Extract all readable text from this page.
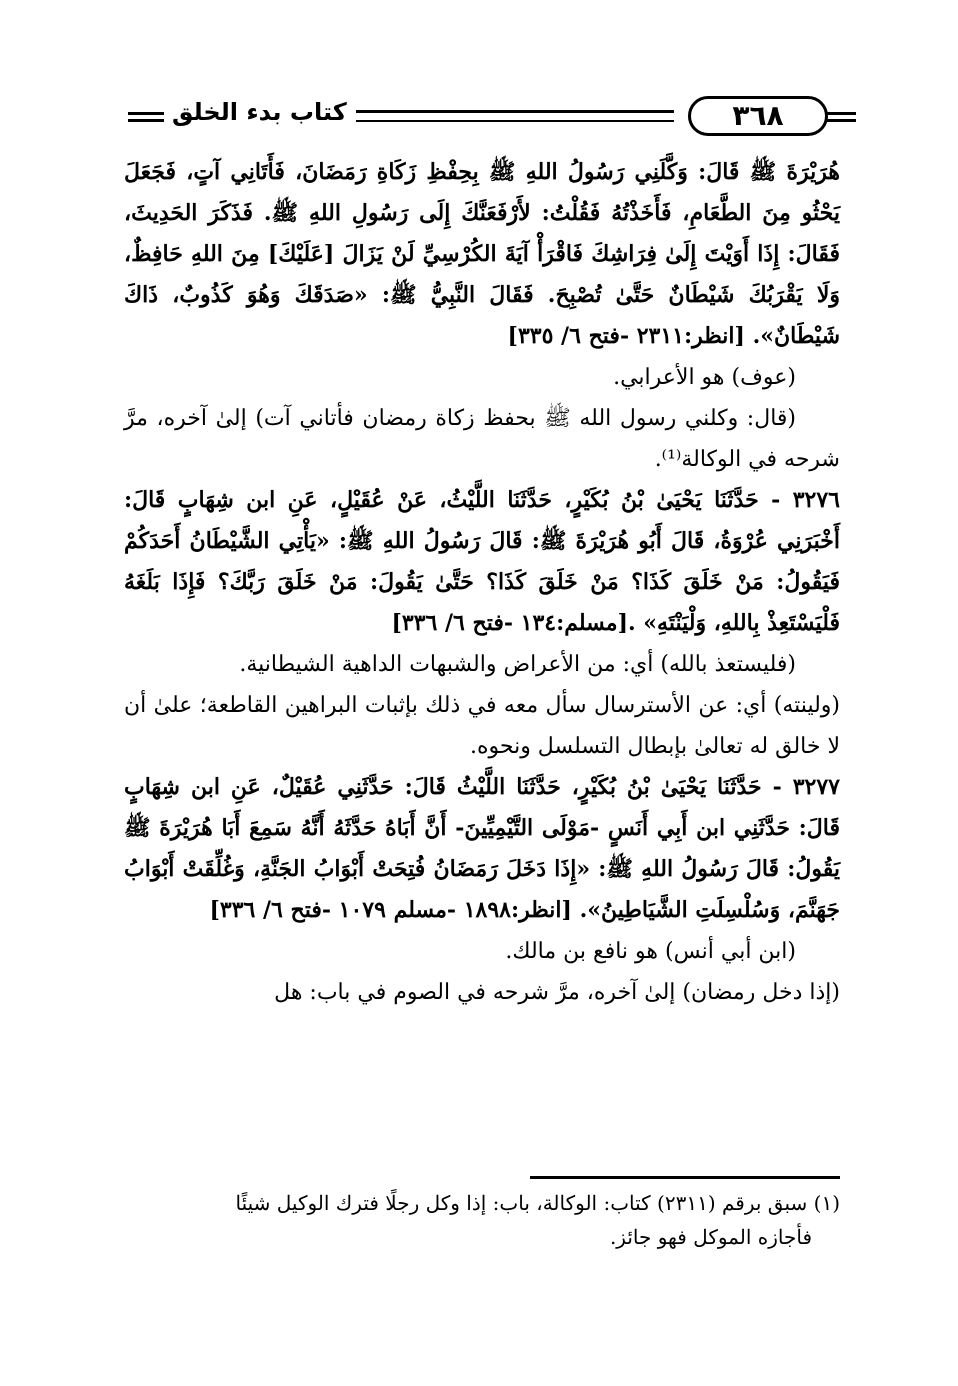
كتاب بدء الخلق	٣٦٨

هُرَيْرَةَ ﷺ قَالَ: وَكَّلَنِي رَسُولُ اللهِ ﷺ بِحِفْظِ زَكَاةِ رَمَضَانَ، فَأَتَانِي آتٍ، فَجَعَلَ يَحْثُو مِنَ الطَّعَامِ، فَأَخَذْتُهُ فَقُلْتُ: لأَرْفَعَنَّكَ إِلَى رَسُولِ اللهِ ﷺ. فَذَكَرَ الحَدِيثَ، فَقَالَ: إِذَا أَوَيْتَ إِلَىٰ فِرَاشِكَ فَاقْرَأْ آيَةَ الكُرْسِيِّ لَنْ يَزَالَ [عَلَيْكَ] مِنَ اللهِ حَافِظٌ، وَلَا يَقْرَبُكَ شَيْطَانٌ حَتَّىٰ تُصْبِحَ. فَقَالَ النَّبِيُّ ﷺ: «صَدَقَكَ وَهُوَ كَذُوبٌ، ذَاكَ شَيْطَانٌ». [انظر:٢٣١١ -فتح ٦/ ٣٣٥]

(عوف) هو الأعرابي.

(قال: وكلني رسول الله ﷺ بحفظ زكاة رمضان فأتاني آت) إلىٰ آخره، مرَّ شرحه في الوكالة⁽¹⁾.

٣٢٧٦ - حَدَّثَنَا يَحْيَىٰ بْنُ بُكَيْرٍ، حَدَّثَنَا اللَّيْثُ، عَنْ عُقَيْلٍ، عَنِ ابن شِهَابٍ قَالَ: أَخْبَرَنِي عُرْوَةُ، قَالَ أَبُو هُرَيْرَةَ ﷺ: قَالَ رَسُولُ اللهِ ﷺ: «يَأْتِي الشَّيْطَانُ أَحَدَكُمْ فَيَقُولُ: مَنْ خَلَقَ كَذَا؟ مَنْ خَلَقَ كَذَا؟ حَتَّىٰ يَقُولَ: مَنْ خَلَقَ رَبَّكَ؟ فَإِذَا بَلَغَهُ فَلْيَسْتَعِذْ بِاللهِ، وَلْيَنْتَهِ» .[مسلم:١٣٤ -فتح ٦/ ٣٣٦]

(فليستعذ بالله) أي: من الأعراض والشبهات الداهية الشيطانية.

(ولينته) أي: عن الأسترسال سأل معه في ذلك بإثبات البراهين القاطعة؛ علىٰ أن لا خالق له تعالىٰ بإبطال التسلسل ونحوه.

٣٢٧٧ - حَدَّثَنَا يَحْيَىٰ بْنُ بُكَيْرٍ، حَدَّثَنَا اللَّيْثُ قَالَ: حَدَّثَنِي عُقَيْلٌ، عَنِ ابن شِهَابٍ قَالَ: حَدَّثَنِي ابن أَبِي أَنَسٍ -مَوْلَى التَّيْمِيِّينَ- أَنَّ أَبَاهُ حَدَّثَهُ أَنَّهُ سَمِعَ أَبَا هُرَيْرَةَ ﷺ يَقُولُ: قَالَ رَسُولُ اللهِ ﷺ: «إِذَا دَخَلَ رَمَضَانُ فُتِحَتْ أَبْوَابُ الجَنَّةِ، وَغُلِّقَتْ أَبْوَابُ جَهَنَّمَ، وَسُلْسِلَتِ الشَّيَاطِينُ». [انظر:١٨٩٨ -مسلم ١٠٧٩ -فتح ٦/ ٣٣٦]

(ابن أبي أنس) هو نافع بن مالك.

(إذا دخل رمضان) إلىٰ آخره، مرَّ شرحه في الصوم في باب: هل

(١) سبق برقم (٢٣١١) كتاب: الوكالة، باب: إذا وكل رجلًا فترك الوكيل شيئًا
فأجازه الموكل فهو جائز.
